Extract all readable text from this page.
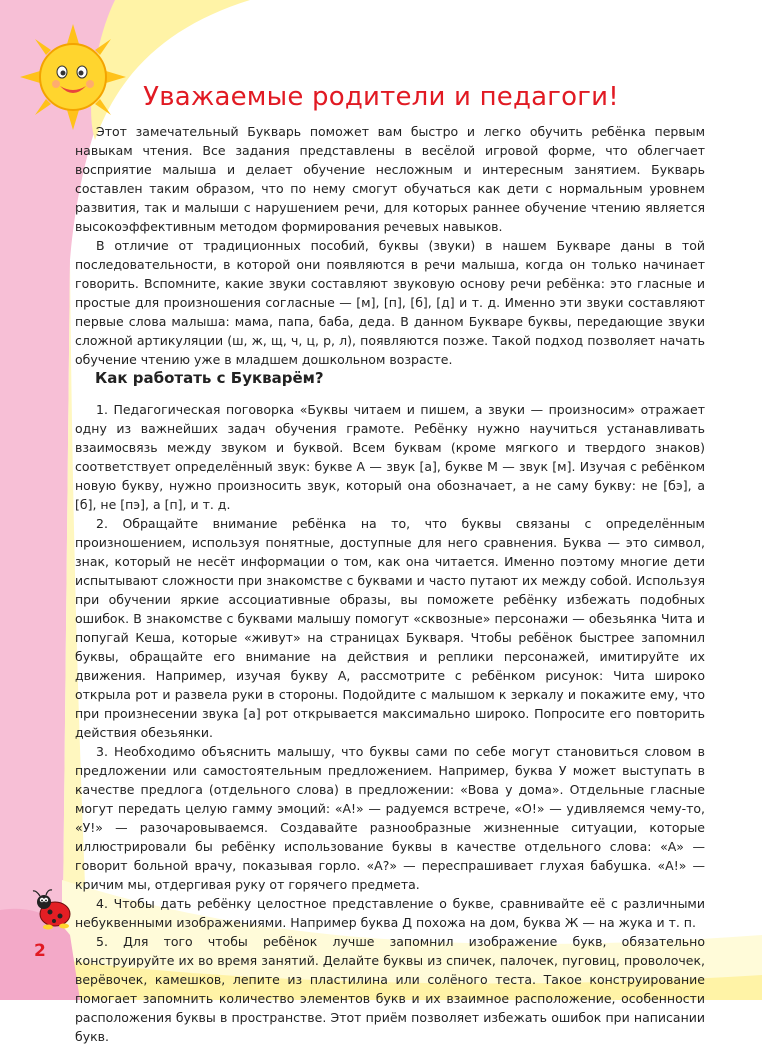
Уважаемые родители и педагоги!

Этот замечательный Букварь поможет вам быстро и легко обучить ребёнка первым навыкам чтения. Все задания представлены в весёлой игровой форме, что облегчает восприятие малыша и делает обучение несложным и интересным занятием. Букварь составлен таким образом, что по нему смогут обучаться как дети с нормальным уровнем развития, так и малыши с нарушением речи, для которых раннее обучение чтению является высокоэффективным методом формирования речевых навыков.

В отличие от традиционных пособий, буквы (звуки) в нашем Букваре даны в той последовательности, в которой они появляются в речи малыша, когда он только начинает говорить. Вспомните, какие звуки составляют звуковую основу речи ребёнка: это гласные и простые для произношения согласные — [м], [п], [б], [д] и т. д. Именно эти звуки составляют первые слова малыша: мама, папа, баба, деда. В данном Букваре буквы, передающие звуки сложной артикуляции (ш, ж, щ, ч, ц, р, л), появляются позже. Такой подход позволяет начать обучение чтению уже в младшем дошкольном возрасте.

Как работать с Букварём?

1. Педагогическая поговорка «Буквы читаем и пишем, а звуки — произносим» отражает одну из важнейших задач обучения грамоте. Ребёнку нужно научиться устанавливать взаимосвязь между звуком и буквой. Всем буквам (кроме мягкого и твердого знаков) соответствует определённый звук: букве А — звук [а], букве М — звук [м]. Изучая с ребёнком новую букву, нужно произносить звук, который она обозначает, а не саму букву: не [бэ], а [б], не [пэ], а [п], и т. д.

2. Обращайте внимание ребёнка на то, что буквы связаны с определённым произношением, используя понятные, доступные для него сравнения. Буква — это символ, знак, который не несёт информации о том, как она читается. Именно поэтому многие дети испытывают сложности при знакомстве с буквами и часто путают их между собой. Используя при обучении яркие ассоциативные образы, вы поможете ребёнку избежать подобных ошибок. В знакомстве с буквами малышу помогут «сквозные» персонажи — обезьянка Чита и попугай Кеша, которые «живут» на страницах Букваря. Чтобы ребёнок быстрее запомнил буквы, обращайте его внимание на действия и реплики персонажей, имитируйте их движения. Например, изучая букву А, рассмотрите с ребёнком рисунок: Чита широко открыла рот и развела руки в стороны. Подойдите с малышом к зеркалу и покажите ему, что при произнесении звука [а] рот открывается максимально широко. Попросите его повторить действия обезьянки.

3. Необходимо объяснить малышу, что буквы сами по себе могут становиться словом в предложении или самостоятельным предложением. Например, буква У может выступать в качестве предлога (отдельного слова) в предложении: «Вова у дома». Отдельные гласные могут передать целую гамму эмоций: «А!» — радуемся встрече, «О!» — удивляемся чему-то, «У!» — разочаровываемся. Создавайте разнообразные жизненные ситуации, которые иллюстрировали бы ребёнку использование буквы в качестве отдельного слова: «А» — говорит больной врачу, показывая горло. «А?» — переспрашивает глухая бабушка. «А!» — кричим мы, отдергивая руку от горячего предмета.

4. Чтобы дать ребёнку целостное представление о букве, сравнивайте её с различными небуквенными изображениями. Например буква Д похожа на дом, буква Ж — на жука и т. п.

5. Для того чтобы ребёнок лучше запомнил изображение букв, обязательно конструируйте их во время занятий. Делайте буквы из спичек, палочек, пуговиц, проволочек, верёвочек, камешков, лепите из пластилина или солёного теста. Такое конструирование помогает запомнить количество элементов букв и их взаимное расположение, особенности расположения буквы в пространстве. Этот приём позволяет избежать ошибок при написании букв.

2
